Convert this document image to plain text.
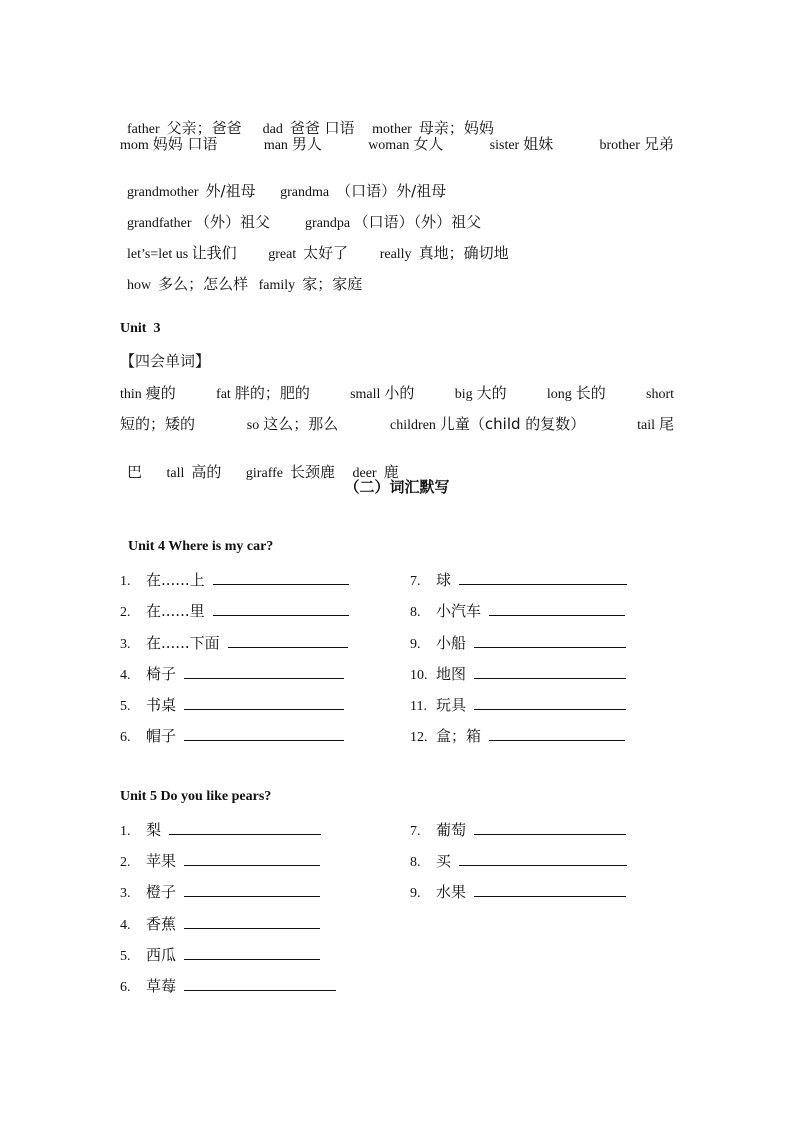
father 父亲；爸爸 dad 爸爸 口语 mother 母亲；妈妈

mom 妈妈 口语	man 男人	woman 女人	sister 姐妹	brother 兄弟

grandmother 外/祖母 grandma （口语）外/祖母

grandfather （外）祖父	grandpa （口语）（外）祖父

let’s=let us 让我们 great 太好了 really 真地；确切地

how 多么；怎么样 family 家；家庭

Unit  3
【四会单词】
thin 瘦的	fat 胖的；肥的	small 小的	big 大的	long 长的	short
短的；矮的	so 这么；那么	children 儿童（child 的复数）	tail 尾

巴 tall 高的 giraffe 长颈鹿 deer 鹿

（二）词汇默写
Unit 4 Where is my car?
1.	在......上
2.	在......里
3.	在......下面
4.	椅子
5.	书桌
6.	帽子
7.	球
8.	小汽车
9.	小船
10. 地图
11. 玩具
12. 盒；箱
Unit 5 Do you like pears?
1.	梨
2.	苹果
3.	橙子
4.	香蕉
5.	西瓜
6.	草莓
7.	葡萄
8.	买
9.	水果
